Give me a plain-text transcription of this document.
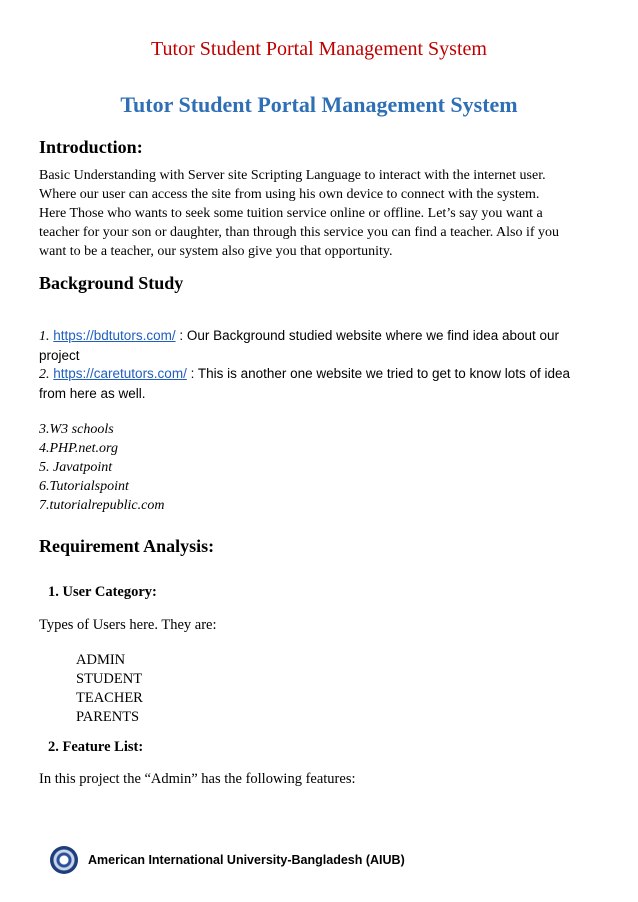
Tutor Student Portal Management System
Tutor Student Portal Management System
Introduction:
Basic Understanding with Server site Scripting Language to interact with the internet user.
Where our user can access the site from using his own device to connect with the system.
Here Those who wants to seek some tuition service online or offline. Let’s say you want a
teacher for your son or daughter, than through this service you can find a teacher. Also if you
want to be a teacher, our system also give you that opportunity.
Background Study
1. https://bdtutors.com/ : Our Background studied website where we find idea about our
project
2. https://caretutors.com/ : This is another one website we tried to get to know lots of idea
from here as well.
3.W3 schools
4.PHP.net.org
5. Javatpoint
6.Tutorialspoint
7.tutorialrepublic.com
Requirement Analysis:
1. User Category:
Types of Users here. They are:
ADMIN
STUDENT
TEACHER
PARENTS
2. Feature List:
In this project the “Admin” has the following features:
American International University-Bangladesh (AIUB)
